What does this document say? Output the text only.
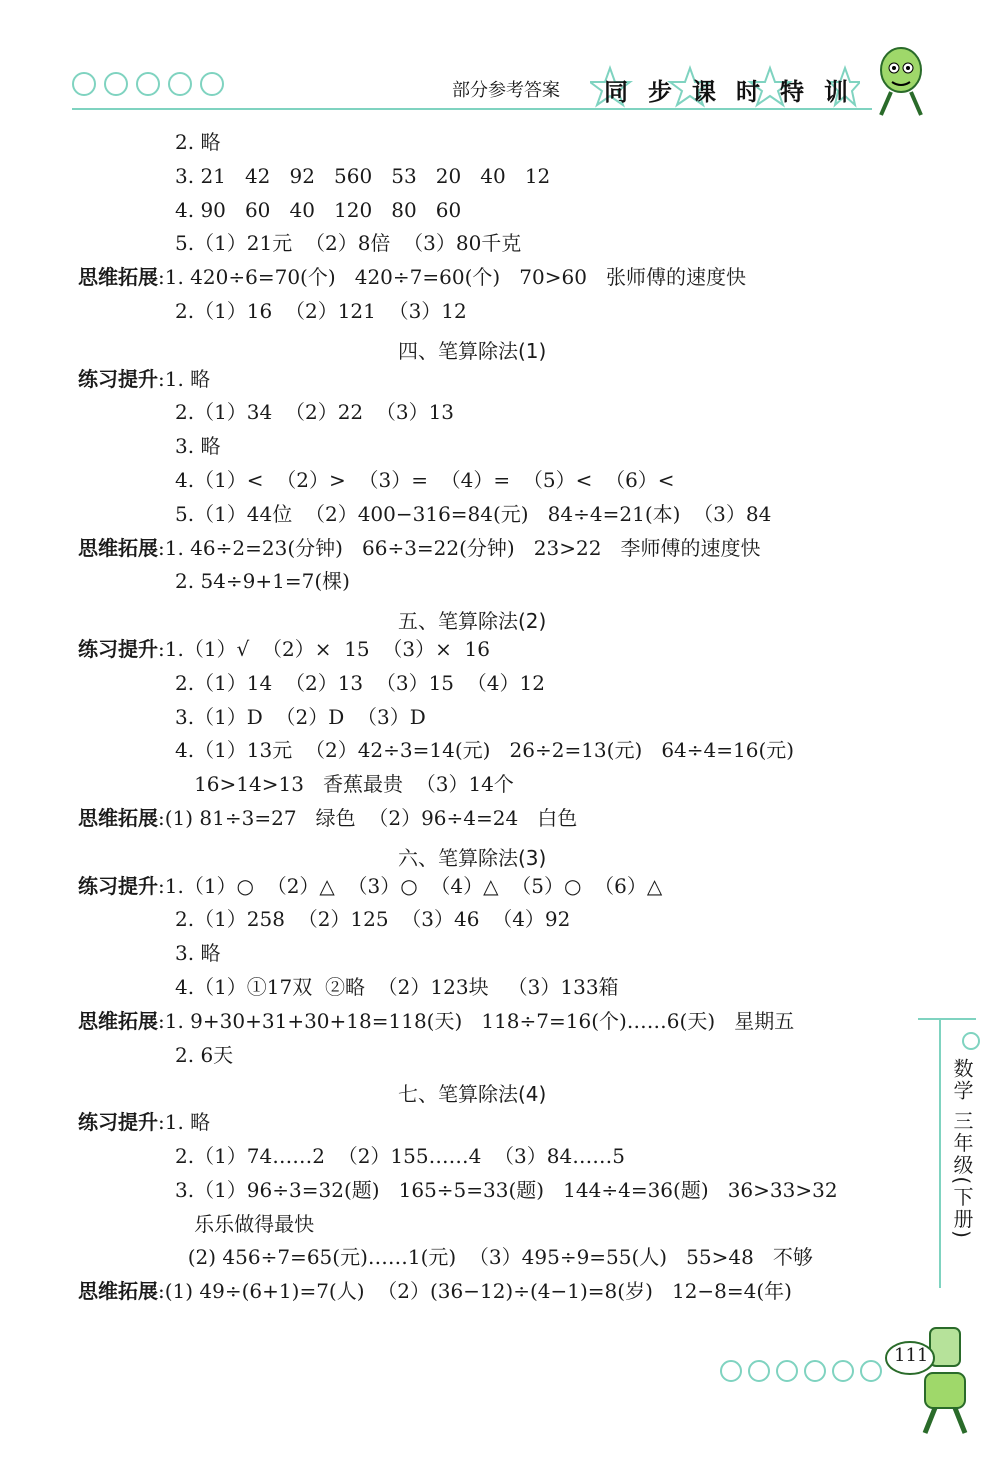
部分参考答案 同步课时特训
2. 略
3. 21   42   92   560   53   20   40   12
4. 90   60   40   120   80   60
5.（1）21元  （2）8倍  （3）80千克
思维拓展:1. 420÷6=70(个)   420÷7=60(个)   70>60   张师傅的速度快
2.（1）16  （2）121  （3）12
四、笔算除法(1)
练习提升:1. 略
2.（1）34  （2）22  （3）13
3. 略
4.（1）<  （2）>  （3）=  （4）=  （5）<  （6）<
5.（1）44位  （2）400−316=84(元)   84÷4=21(本)  （3）84
思维拓展:1. 46÷2=23(分钟)   66÷3=22(分钟)   23>22   李师傅的速度快
2. 54÷9+1=7(棵)
五、笔算除法(2)
练习提升:1.（1）√  （2）×  15  （3）×  16
2.（1）14  （2）13  （3）15  （4）12
3.（1）D  （2）D  （3）D
4.（1）13元  （2）42÷3=14(元)   26÷2=13(元)   64÷4=16(元)
16>14>13   香蕉最贵  （3）14个
思维拓展:(1) 81÷3=27   绿色  （2）96÷4=24   白色
六、笔算除法(3)
练习提升:1.（1）○  （2）△  （3）○  （4）△  （5）○  （6）△
2.（1）258  （2）125  （3）46  （4）92
3. 略
4.（1）①17双  ②略  （2）123块   （3）133箱
思维拓展:1. 9+30+31+30+18=118(天)   118÷7=16(个)……6(天)   星期五
2. 6天
七、笔算除法(4)
练习提升:1. 略
2.（1）74……2  （2）155……4  （3）84……5
3.（1）96÷3=32(题)   165÷5=33(题)   144÷4=36(题)   36>33>32
乐乐做得最快
(2) 456÷7=65(元)……1(元)  （3）495÷9=55(人)   55>48   不够
思维拓展:(1) 49÷(6+1)=7(人)  （2）(36−12)÷(4−1)=8(岁)   12−8=4(年)
数学 三年级(下册)
111
